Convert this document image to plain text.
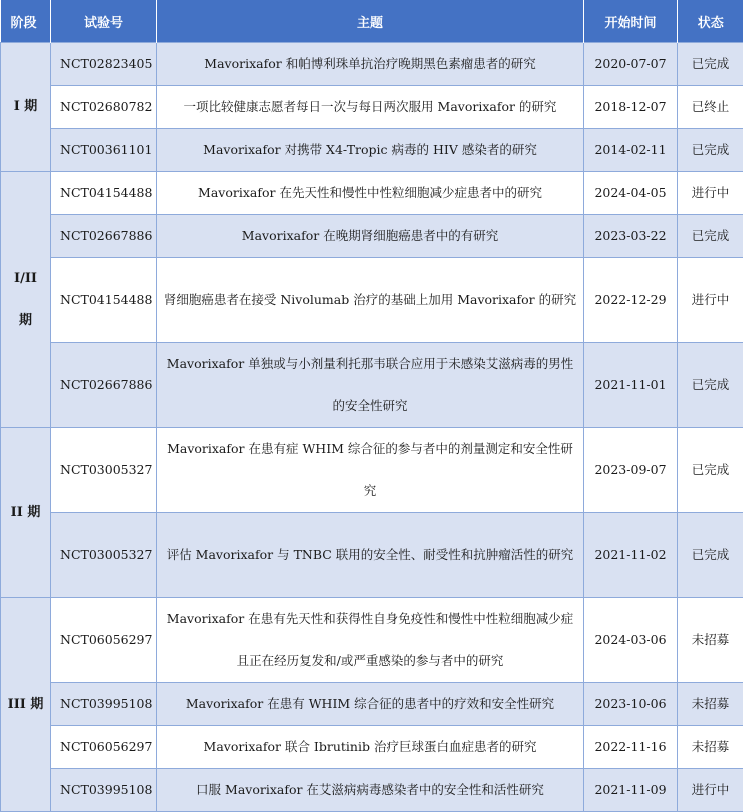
阶段	试验号	主题	开始时间	状态
I 期	NCT02823405	Mavorixafor 和帕博利珠单抗治疗晚期黑色素瘤患者的研究	2020-07-07	已完成
	NCT02680782	一项比较健康志愿者每日一次与每日两次服用 Mavorixafor 的研究	2018-12-07	已终止
	NCT00361101	Mavorixafor 对携带 X4-Tropic 病毒的 HIV 感染者的研究	2014-02-11	已完成
I/II 期	NCT04154488	Mavorixafor 在先天性和慢性中性粒细胞减少症患者中的研究	2024-04-05	进行中
	NCT02667886	Mavorixafor 在晚期肾细胞癌患者中的有研究	2023-03-22	已完成
	NCT04154488	肾细胞癌患者在接受 Nivolumab 治疗的基础上加用 Mavorixafor 的研究	2022-12-29	进行中
	NCT02667886	Mavorixafor 单独或与小剂量利托那韦联合应用于未感染艾滋病毒的男性的安全性研究	2021-11-01	已完成
II 期	NCT03005327	Mavorixafor 在患有症 WHIM 综合征的参与者中的剂量测定和安全性研究	2023-09-07	已完成
	NCT03005327	评估 Mavorixafor 与 TNBC 联用的安全性、耐受性和抗肿瘤活性的研究	2021-11-02	已完成
III 期	NCT06056297	Mavorixafor 在患有先天性和获得性自身免疫性和慢性中性粒细胞减少症且正在经历复发和/或严重感染的参与者中的研究	2024-03-06	未招募
	NCT03995108	Mavorixafor 在患有 WHIM 综合征的患者中的疗效和安全性研究	2023-10-06	未招募
	NCT06056297	Mavorixafor 联合 Ibrutinib 治疗巨球蛋白血症患者的研究	2022-11-16	未招募
	NCT03995108	口服 Mavorixafor 在艾滋病病毒感染者中的安全性和活性研究	2021-11-09	进行中
